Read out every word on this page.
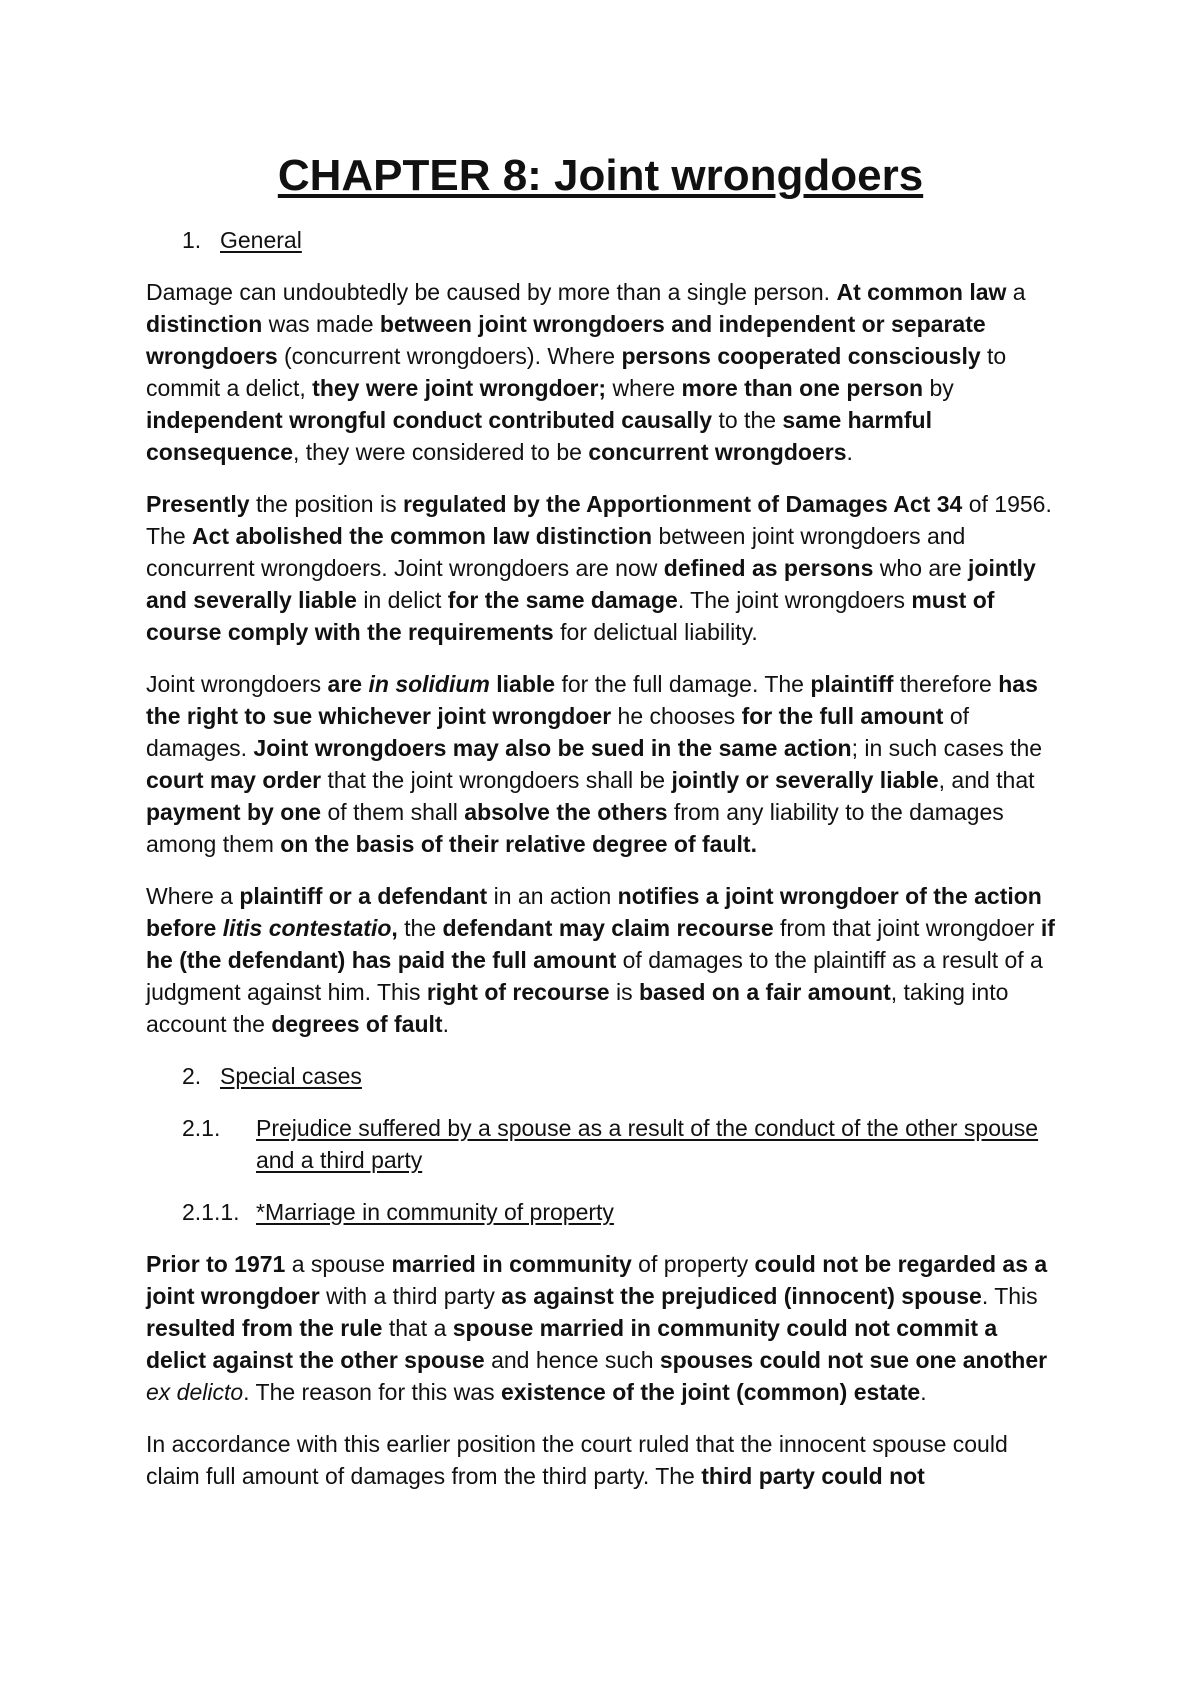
CHAPTER 8: Joint wrongdoers
1. General

Damage can undoubtedly be caused by more than a single person. At common law a distinction was made between joint wrongdoers and independent or separate wrongdoers (concurrent wrongdoers). Where persons cooperated consciously to commit a delict, they were joint wrongdoer; where more than one person by independent wrongful conduct contributed causally to the same harmful consequence, they were considered to be concurrent wrongdoers.

Presently the position is regulated by the Apportionment of Damages Act 34 of 1956. The Act abolished the common law distinction between joint wrongdoers and concurrent wrongdoers. Joint wrongdoers are now defined as persons who are jointly and severally liable in delict for the same damage. The joint wrongdoers must of course comply with the requirements for delictual liability.

Joint wrongdoers are in solidium liable for the full damage. The plaintiff therefore has the right to sue whichever joint wrongdoer he chooses for the full amount of damages. Joint wrongdoers may also be sued in the same action; in such cases the court may order that the joint wrongdoers shall be jointly or severally liable, and that payment by one of them shall absolve the others from any liability to the damages among them on the basis of their relative degree of fault.

Where a plaintiff or a defendant in an action notifies a joint wrongdoer of the action before litis contestatio, the defendant may claim recourse from that joint wrongdoer if he (the defendant) has paid the full amount of damages to the plaintiff as a result of a judgment against him. This right of recourse is based on a fair amount, taking into account the degrees of fault.

2. Special cases
2.1.	Prejudice suffered by a spouse as a result of the conduct of the other spouse and a third party
2.1.1. *Marriage in community of property

Prior to 1971 a spouse married in community of property could not be regarded as a joint wrongdoer with a third party as against the prejudiced (innocent) spouse. This resulted from the rule that a spouse married in community could not commit a delict against the other spouse and hence such spouses could not sue one another ex delicto. The reason for this was existence of the joint (common) estate.

In accordance with this earlier position the court ruled that the innocent spouse could claim full amount of damages from the third party. The third party could not
